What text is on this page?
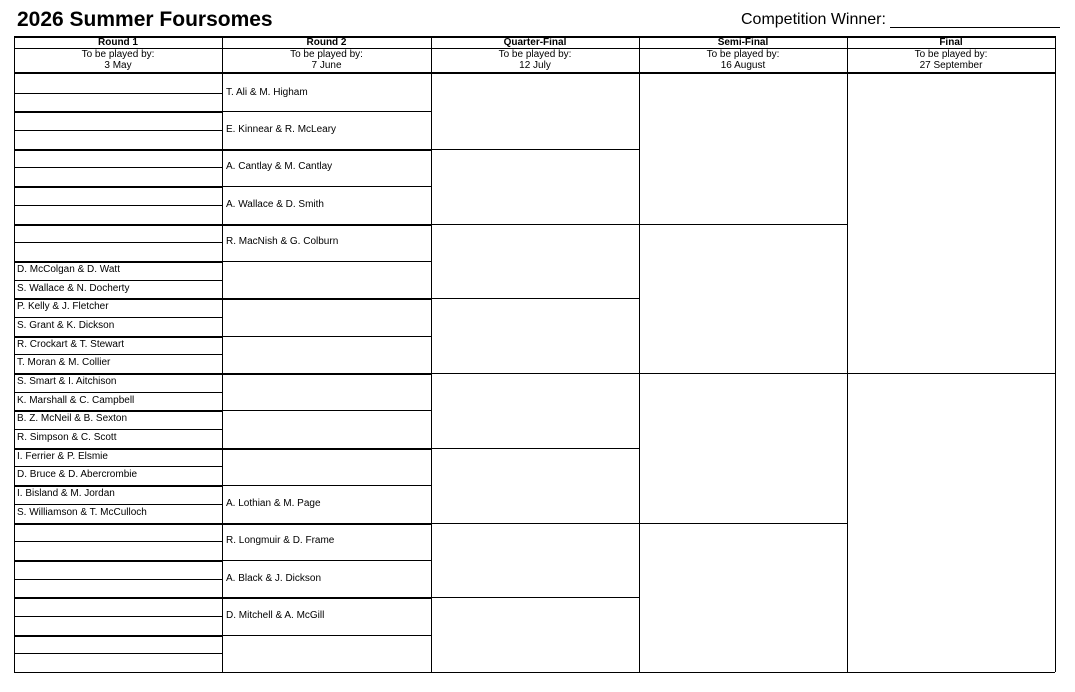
2026 Summer Foursomes	Competition Winner:
Round 1
To be played by:
3 May
Round 2
To be played by:
7 June
Quarter-Final
To be played by:
12 July
Semi-Final
To be played by:
16 August
Final
To be played by:
27 September
D. McColgan & D. Watt
S. Wallace & N. Docherty
P. Kelly & J. Fletcher
S. Grant & K. Dickson
R. Crockart & T. Stewart
T. Moran & M. Collier
S. Smart & I. Aitchison
K. Marshall & C. Campbell
B. Z. McNeil & B. Sexton
R. Simpson & C. Scott
I. Ferrier & P. Elsmie
D. Bruce & D. Abercrombie
I. Bisland & M. Jordan
S. Williamson & T. McCulloch
T. Ali & M. Higham
E. Kinnear & R. McLeary
A. Cantlay & M. Cantlay
A. Wallace & D. Smith
R. MacNish & G. Colburn
A. Lothian & M. Page
R. Longmuir & D. Frame
A. Black & J. Dickson
D. Mitchell & A. McGill
